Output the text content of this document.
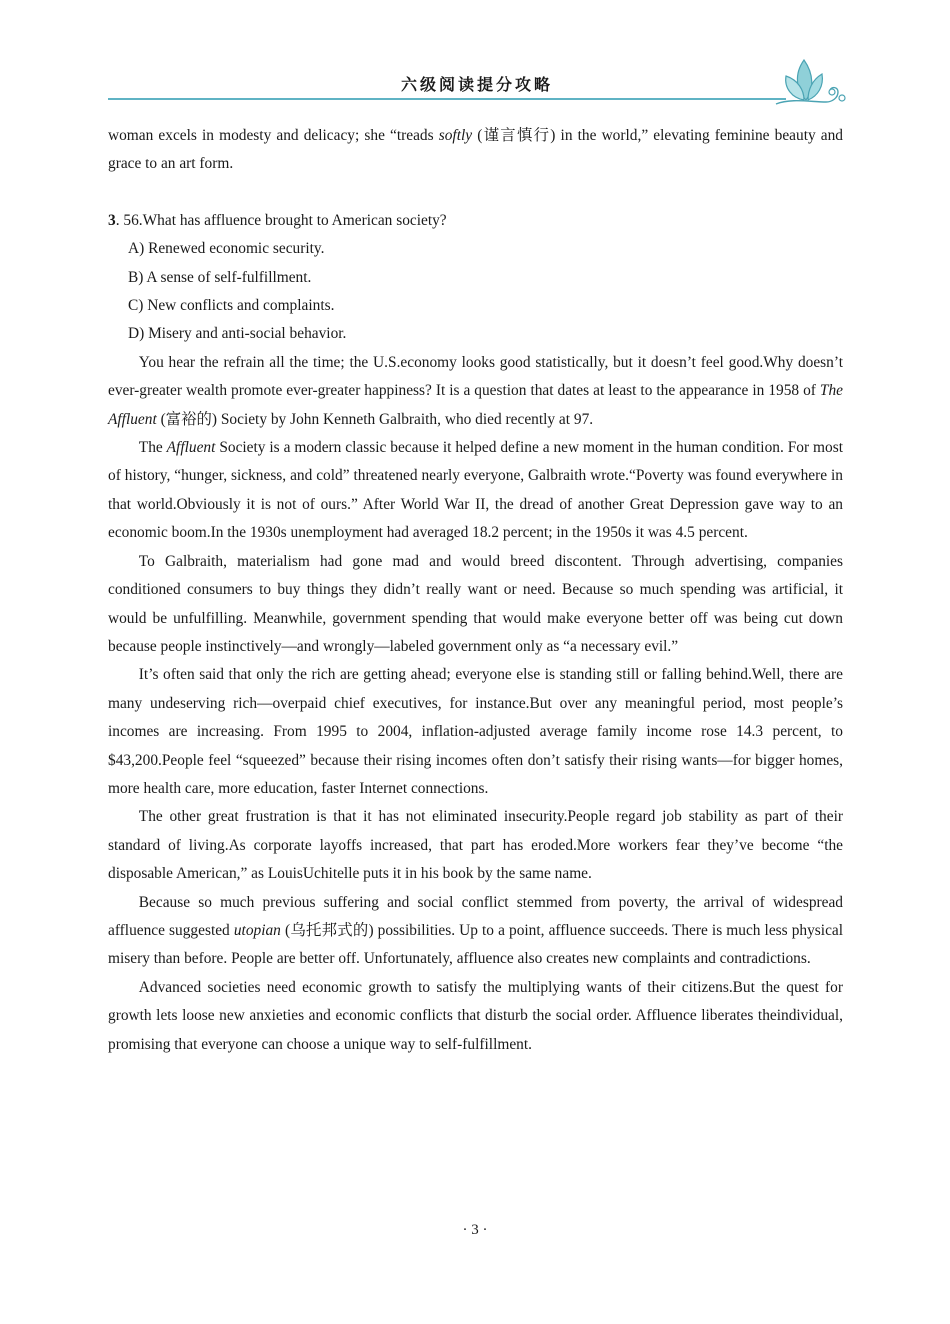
六级阅读提分攻略

woman excels in modesty and delicacy; she “treads softly (谨言慎行) in the world,” elevating feminine beauty and grace to an art form.

3. 56.What has affluence brought to American society?

A) Renewed economic security.

B) A sense of self-fulfillment.

C) New conflicts and complaints.

D) Misery and anti-social behavior.

You hear the refrain all the time; the U.S.economy looks good statistically, but it doesn’t feel good.Why doesn’t ever-greater wealth promote ever-greater happiness? It is a question that dates at least to the appearance in 1958 of The Affluent (富裕的) Society by John Kenneth Galbraith, who died recently at 97.

The Affluent Society is a modern classic because it helped define a new moment in the human condition. For most of history, “hunger, sickness, and cold” threatened nearly everyone, Galbraith wrote.“Poverty was found everywhere in that world.Obviously it is not of ours.” After World War II, the dread of another Great Depression gave way to an economic boom.In the 1930s unemployment had averaged 18.2 percent; in the 1950s it was 4.5 percent.

To Galbraith, materialism had gone mad and would breed discontent. Through advertising, companies conditioned consumers to buy things they didn’t really want or need. Because so much spending was artificial, it would be unfulfilling. Meanwhile, government spending that would make everyone better off was being cut down because people instinctively—and wrongly—labeled government only as “a necessary evil.”

It’s often said that only the rich are getting ahead; everyone else is standing still or falling behind.Well, there are many undeserving rich—overpaid chief executives, for instance.But over any meaningful period, most people’s incomes are increasing. From 1995 to 2004, inflation-adjusted average family income rose 14.3 percent, to $43,200.People feel “squeezed” because their rising incomes often don’t satisfy their rising wants—for bigger homes, more health care, more education, faster Internet connections.

The other great frustration is that it has not eliminated insecurity.People regard job stability as part of their standard of living.As corporate layoffs increased, that part has eroded.More workers fear they’ve become “the disposable American,” as LouisUchitelle puts it in his book by the same name.

Because so much previous suffering and social conflict stemmed from poverty, the arrival of widespread affluence suggested utopian (乌托邦式的) possibilities. Up to a point, affluence succeeds. There is much less physical misery than before. People are better off. Unfortunately, affluence also creates new complaints and contradictions.

Advanced societies need economic growth to satisfy the multiplying wants of their citizens.But the quest for growth lets loose new anxieties and economic conflicts that disturb the social order. Affluence liberates theindividual, promising that everyone can choose a unique way to self-fulfillment.

· 3 ·
